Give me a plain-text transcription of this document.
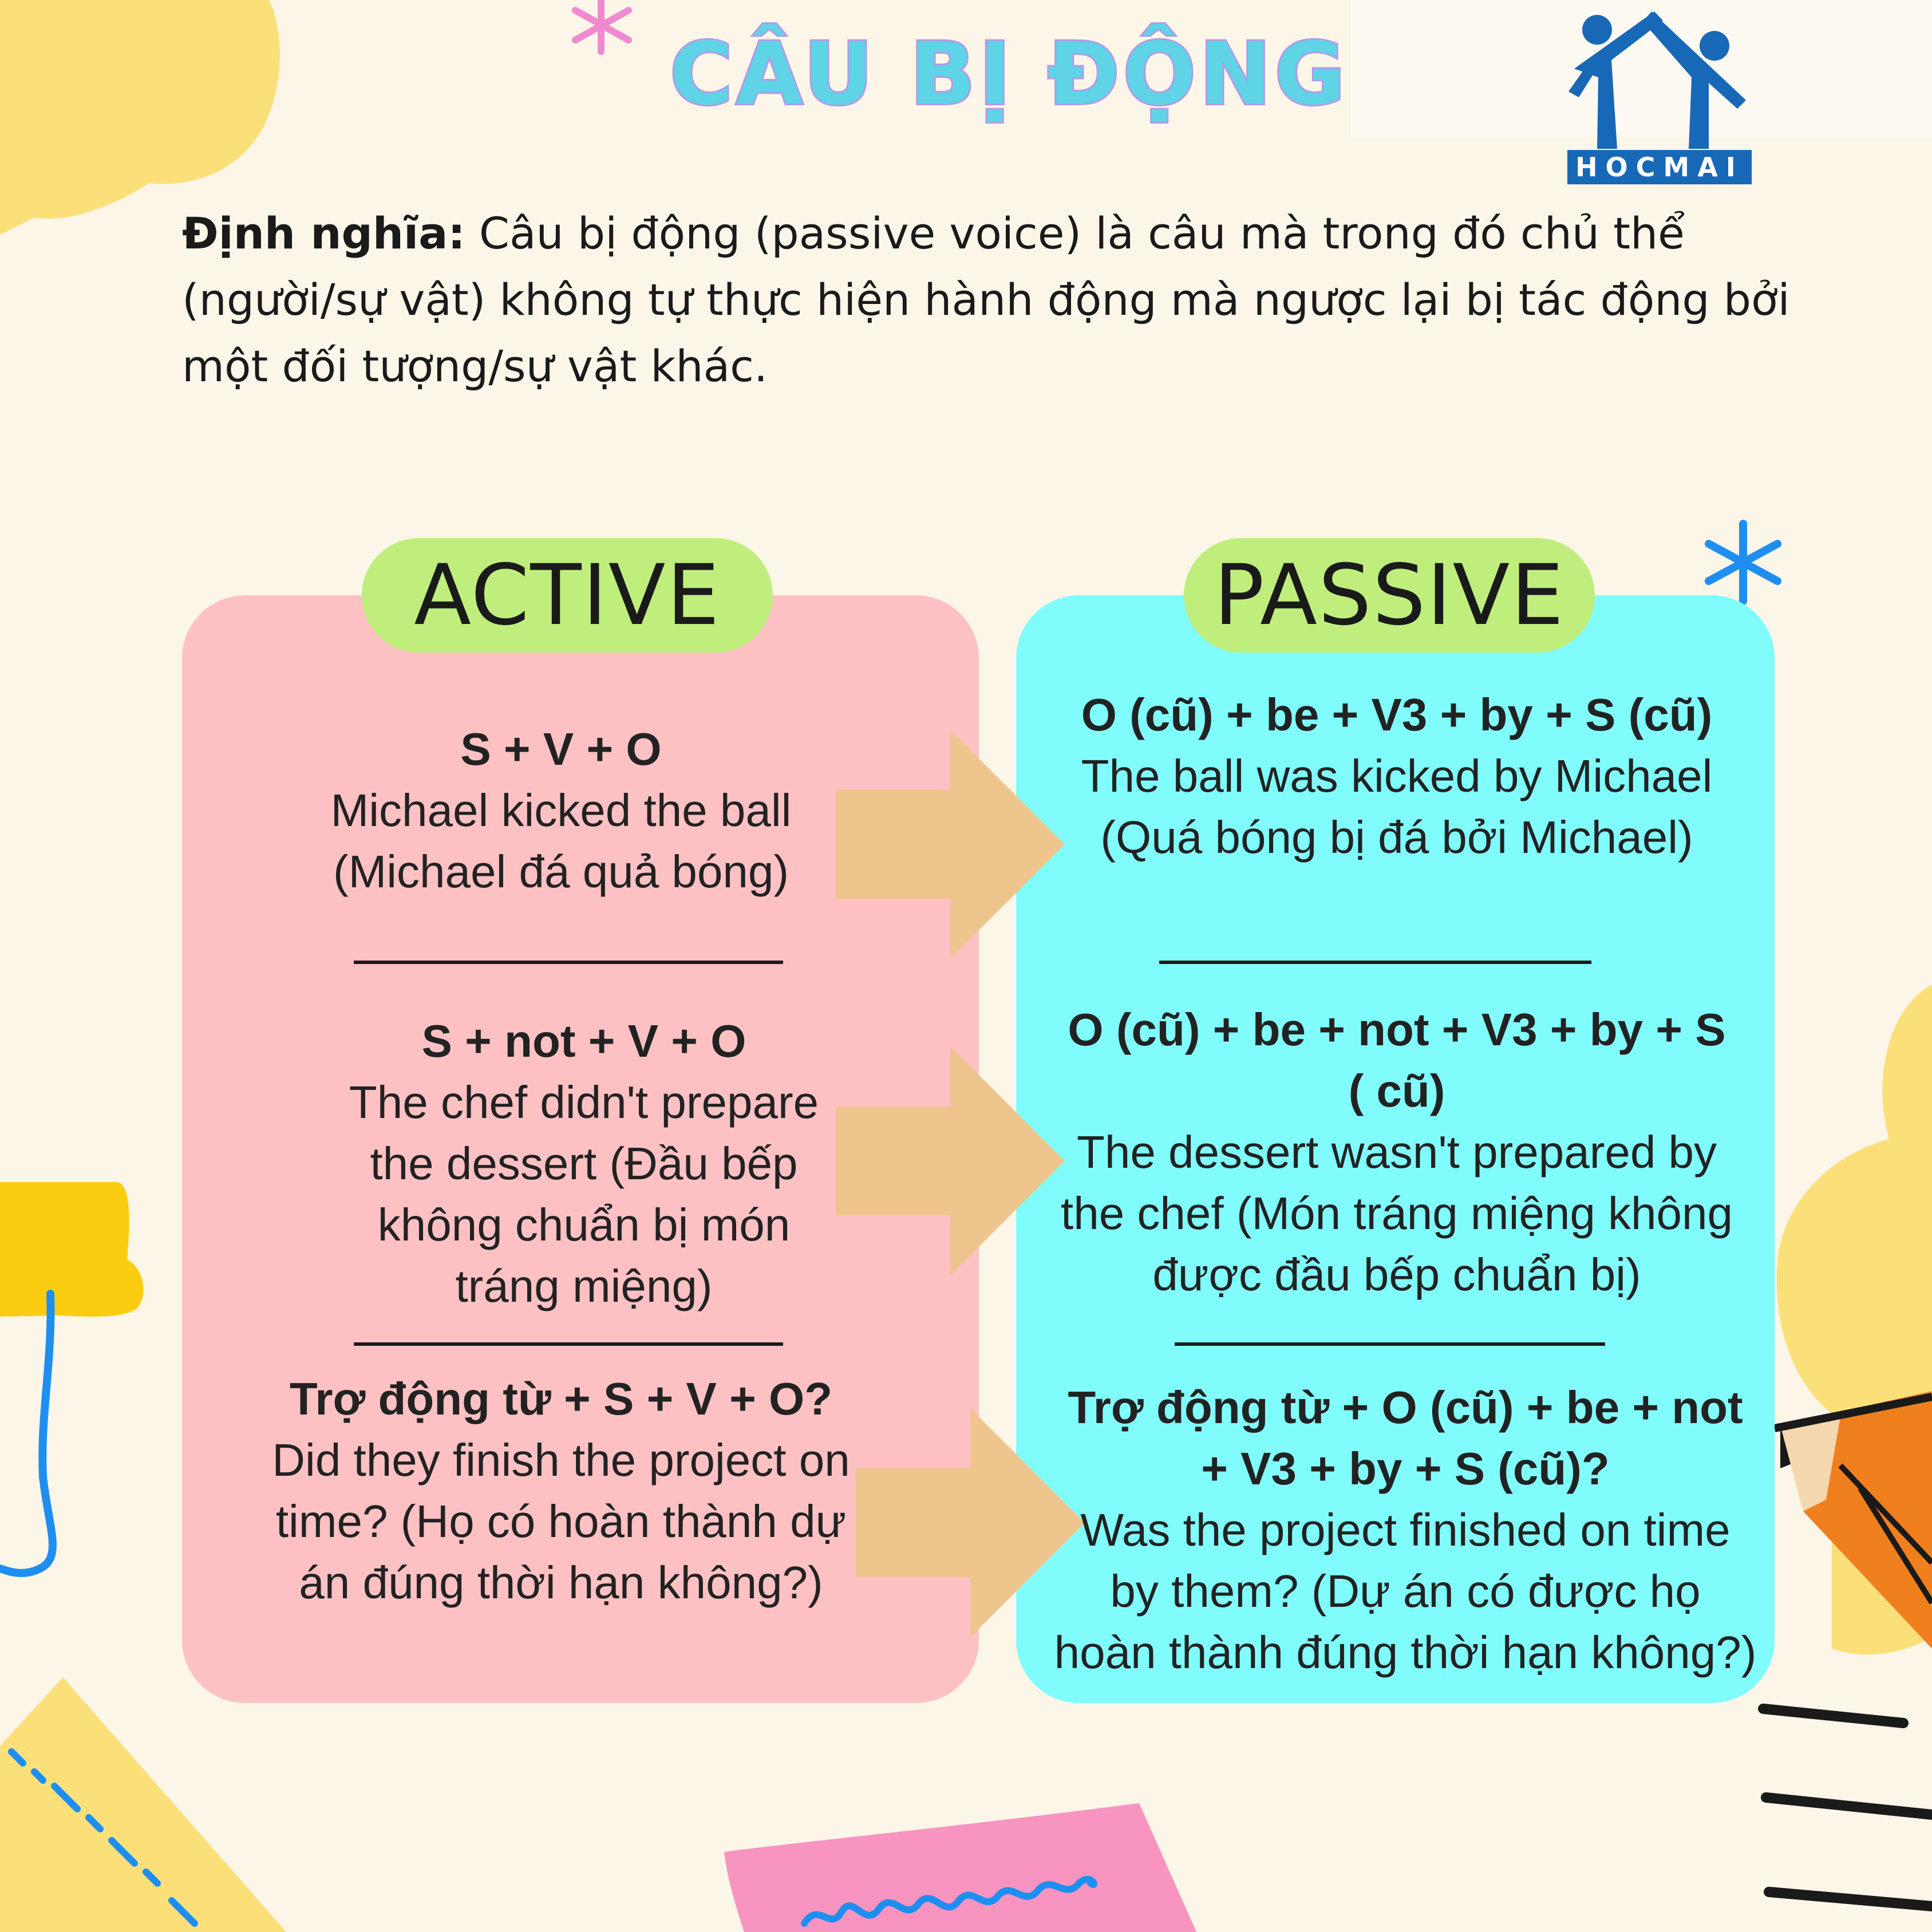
CÂU BỊ ĐỘNG
HOCMAI
Định nghĩa: Câu bị động (passive voice) là câu mà trong đó chủ thể (người/sự vật) không tự thực hiện hành động mà ngược lại bị tác động bởi một đối tượng/sự vật khác.
ACTIVE	PASSIVE
S + V + O
Michael kicked the ball (Michael đá quả bóng)
S + not + V + O
The chef didn't prepare the dessert (Đầu bếp không chuẩn bị món tráng miệng)
Trợ động từ + S + V + O?
Did they finish the project on time? (Họ có hoàn thành dự án đúng thời hạn không?)
O (cũ) + be + V3 + by + S (cũ)
The ball was kicked by Michael (Quá bóng bị đá bởi Michael)
O (cũ) + be + not + V3 + by + S ( cũ)
The dessert wasn't prepared by the chef (Món tráng miệng không được đầu bếp chuẩn bị)
Trợ động từ + O (cũ) + be + not + V3 + by + S (cũ)?
Was the project finished on time by them? (Dự án có được họ hoàn thành đúng thời hạn không?)
